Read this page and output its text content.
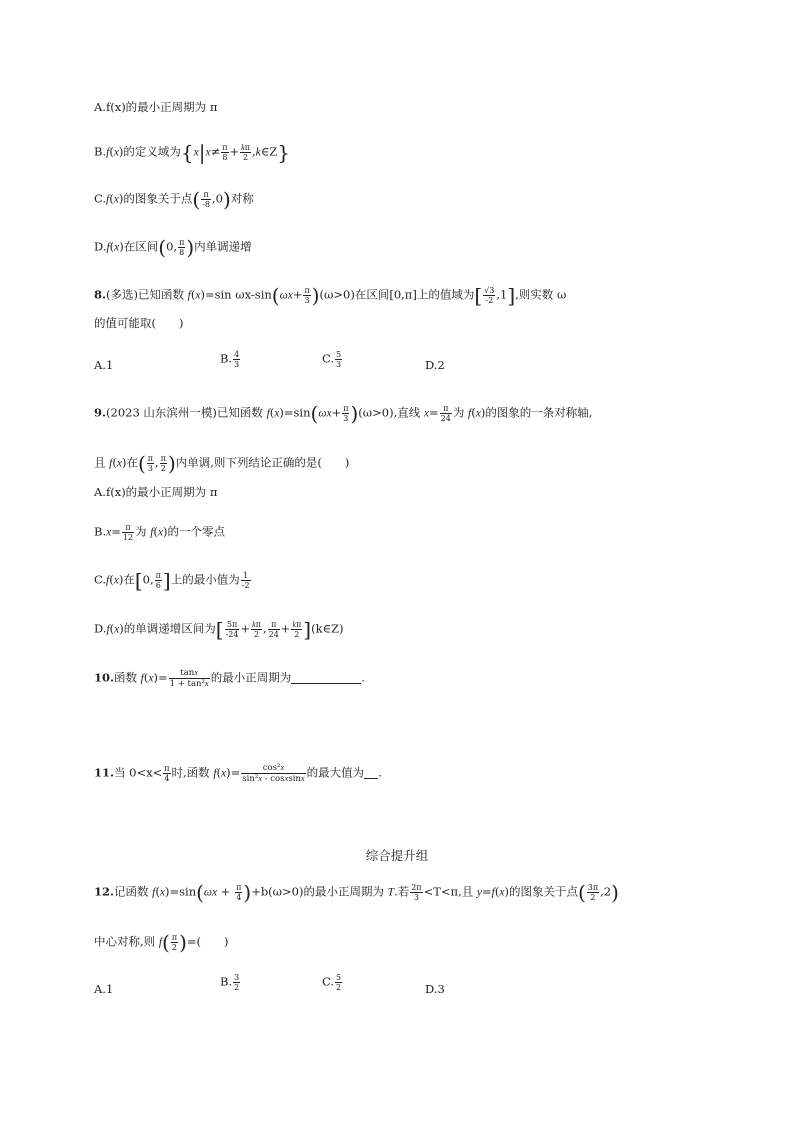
A.f(x)的最小正周期为 π
B.f(x)的定义域为{$x|x\ne \frac{\pi}{8} + \frac{k\pi}{2}$ ,k∈Z}
C.f(x)的图象关于点( $\frac{\pi}{-8} ,0$)对称
D.f(x)在区间(0, $\frac{\pi}{8}$ )内单调递增
8.(多选)已知函数 f(x)=sin $\omega x-\sin(\omega x+ \frac{\pi}{3} )(\omega>0)$在区间[0,π]上的值域为[ $\frac{√3}{-2} ,1$],则实数 ω
的值可能取(　　)
A.1	B. $\frac{4}{3}$	C. $\frac{5}{3}$	D.2
9.(2023 山东滨州一模)已知函数 $f(x)=\sin(\omega x+ \frac{\pi}{3} )(\omega>0)$,直线 $x= \frac{\pi}{24}$ 为 f(x)的图象的一条对称轴,
且 f(x)在( $\frac{\pi}{3}$ , $\frac{\pi}{2}$ )内单调,则下列结论正确的是(　　)
A.f(x)的最小正周期为 π
$B.x= \frac{\pi}{12}$ 为 f(x)的一个零点
C.f(x)在[0, $\frac{\pi}{6}$ ]上的最小值为 $\frac{1}{-2}$
D.f(x)的单调递增区间为[ $\frac{5\pi}{-24} + \frac{k\pi}{2}$ , $\frac{\pi}{24} + \frac{k\pi}{2}$ ](k∈Z)
10.函数 $f(x)= \frac{\tan x}{\text{1 + tan²x}}$ 的最小正周期为	.
11.当 $0<x< \frac{\pi}{4}$ 时,函数 $f(x)= \frac{\text{cos²x}}{\text{sin²x - cosxsinx}}$ 的最大值为 .
综合提升组
12.记函数 $f(x)=\sin(\omega x + \frac{\pi}{4} )+b(\omega>0)$的最小正周期为 T.若 $\frac{2\pi}{3} <T<\pi$,且 y=f(x)的图象关于点( $\frac{3\pi}{2} ,2$)
中心对称,则 $f( \frac{\pi}{2}$ )=(　　)
A.1
B. $\frac{3}{2}$	C. $\frac{5}{2}$	D.3
